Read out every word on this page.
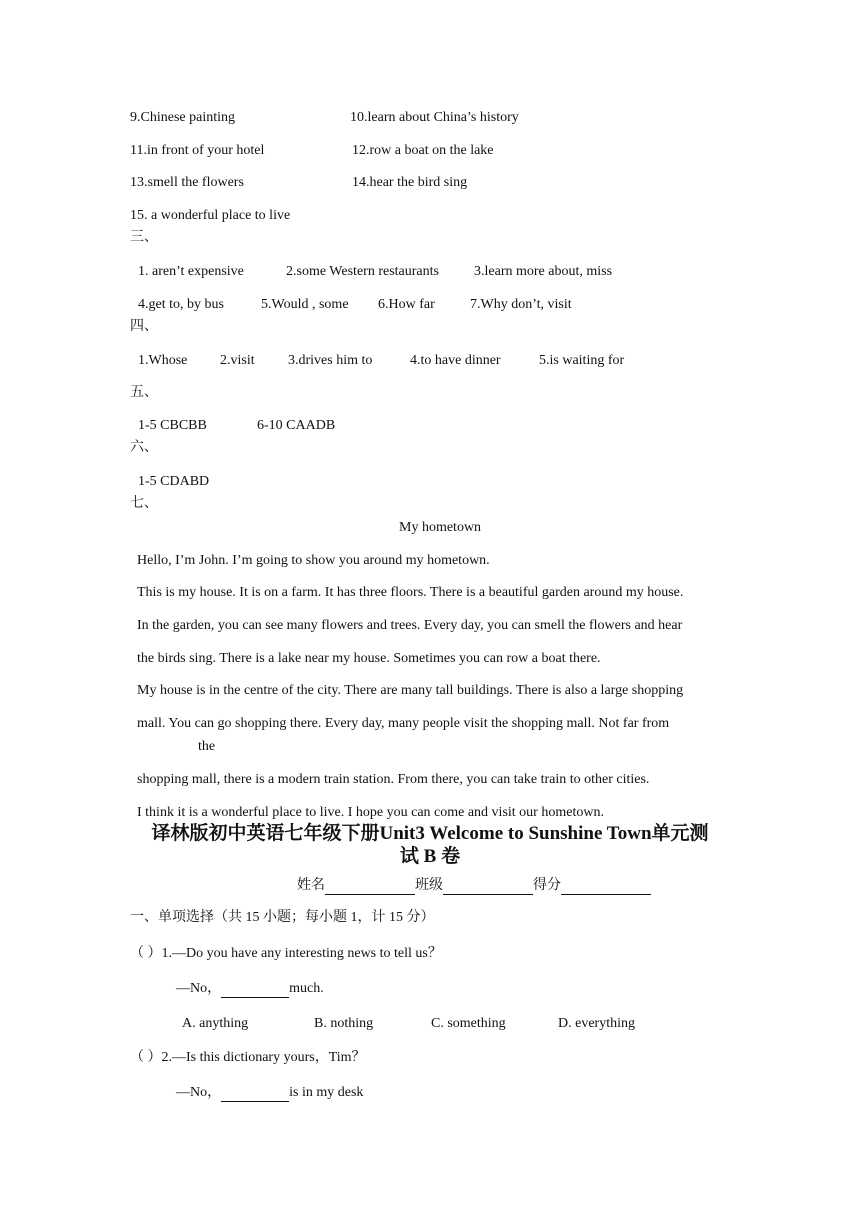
9.Chinese painting	10.learn about China’s history
11.in front of your hotel	12.row a boat on the lake
13.smell the flowers	14.hear the bird sing
15. a wonderful place to live
三、
1. aren’t expensive	2.some Western restaurants	3.learn more about, miss
4.get to, by bus	5.Would , some 6.How far	7.Why don’t, visit
四、
1.Whose 2.visit 3.drives him to	4.to have dinner	5.is waiting for
五、
1-5 CBCBB	6-10 CAADB
六、
1-5 CDABD
七、
My hometown
Hello, I’m John. I’m going to show you around my hometown.
This is my house. It is on a farm. It has three floors. There is a beautiful garden around my house.
In the garden, you can see many flowers and trees. Every day, you can smell the flowers and hear
the birds sing. There is a lake near my house. Sometimes you can row a boat there.
My house is in the centre of the city. There are many tall buildings. There is also a large shopping
mall. You can go shopping there. Every day, many people visit the shopping mall. Not far from
the
shopping mall, there is a modern train station. From there, you can take train to other cities.
I think it is a wonderful place to live. I hope you can come and visit our hometown.
译林版初中英语七年级下册Unit3 Welcome to Sunshine Town单元测
试 B 卷
姓名	班级	得分
一、单项选择（共 15 小题；每小题 1，计 15 分）
（ ）1.—Do you have any interesting news to tell us？
—No，	much.
A. anything	B. nothing	C. something	D. everything
（ ）2.—Is this dictionary yours，Tim？
—No，	is in my desk
